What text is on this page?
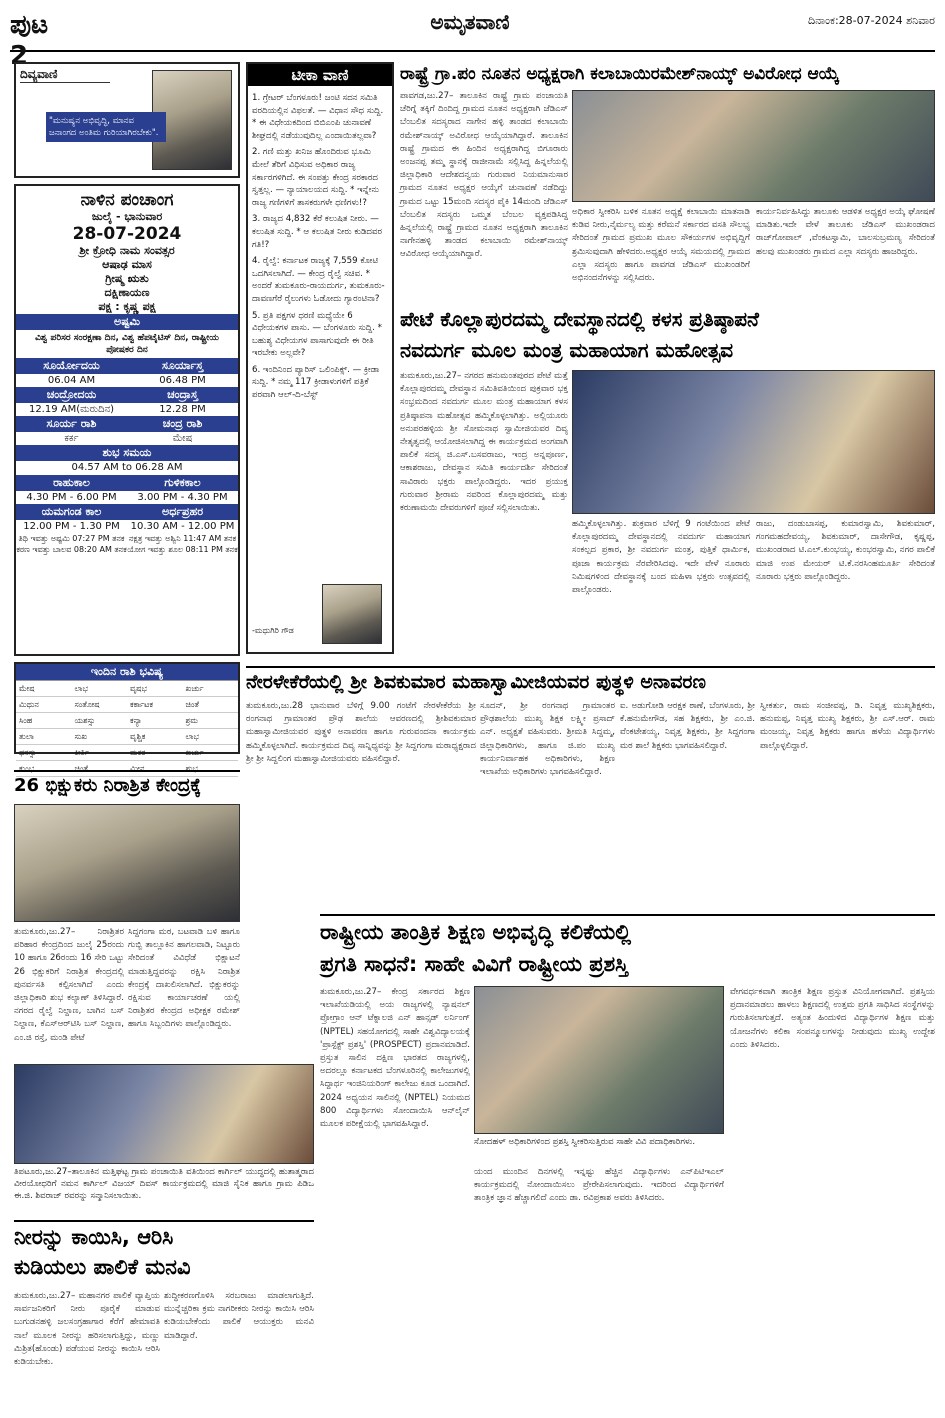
ಪುಟ 2
ಅಮೃತವಾಣಿ	ದಿನಾಂಕ:28-07-2024 ಶನಿವಾರ
ದಿವ್ಯವಾಣಿ
"ಮನುಷ್ಯನ ಅಭಿವೃದ್ಧಿ, ಮಾನವ ಜನಾಂಗದ ಅಂತಿಮ ಗುರಿಯಾಗಿರಬೇಕು".
ನಾಳಿನ ಪಂಚಾಂಗ
ಜುಲೈ - ಭಾನುವಾರ
28-07-2024
ಶ್ರೀ ಕ್ರೋಧಿ ನಾಮ ಸಂವತ್ಸರ
ಆಷಾಢ ಮಾಸ
ಗ್ರೀಷ್ಮ ಋತು
ದಕ್ಷಿಣಾಯಣ
ಪಕ್ಷ : ಕೃಷ್ಣ ಪಕ್ಷ
ಅಷ್ಟಮಿ
ವಿಶ್ವ ಪರಿಸರ ಸಂರಕ್ಷಣಾ ದಿನ, ವಿಶ್ವ ಹೆಪಟೈಟಿಸ್ ದಿನ, ರಾಷ್ಟ್ರೀಯ ಪೋಷಕರ ದಿನ
ಸೂರ್ಯೋದಯ	ಸೂರ್ಯಾಸ್ತ
06.04 AM	06.48 PM
ಚಂದ್ರೋದಯ	ಚಂದ್ರಾಸ್ತ
12.19 AM(ಮರುದಿನ)	12.28 PM
ಸೂರ್ಯ ರಾಶಿ	ಚಂದ್ರ ರಾಶಿ
ಕರ್ಕ	ಮೇಷ
ಶುಭ ಸಮಯ
04.57 AM to 06.28 AM
ರಾಹುಕಾಲ	ಗುಳಿಕಕಾಲ
4.30 PM - 6.00 PM	3.00 PM - 4.30 PM
ಯಮಗಂಡ ಕಾಲ	ಅರ್ಧಪ್ರಹರ
12.00 PM - 1.30 PM	10.30 AM - 12.00 PM
ತಿಥಿ ಇವತ್ತು ಅಷ್ಟಮಿ 07:27 PM ತನಕ ನಕ್ಷತ್ರ ಇವತ್ತು ಅಶ್ವಿನಿ 11:47 AM ತನಕ
ಕರಣ ಇವತ್ತು ಬಾಲವ 08:20 AM ತನಕ ಯೋಗ ಇವತ್ತು ಶೂಲ 08:11 PM ತನಕ
ಇಂದಿನ ರಾಶಿ ಭವಿಷ್ಯ
ಮೇಷ	ಲಾಭ	ವೃಷಭ	ಖರ್ಚು
ಮಿಥುನ	ಸಂತೋಷ	ಕರ್ಕಾಟಕ	ಚಿಂತೆ
ಸಿಂಹ	ಯಶಸ್ಸು	ಕನ್ಯಾ	ಶ್ರಮ
ತುಲಾ	ಸುಖ	ವೃಶ್ಚಿಕ	ಲಾಭ
ಧನಸ್ಸು	ಕೀರ್ತಿ	ಮಕರ	ಖರ್ಚು
ಕುಂಭ	ಚಿಂತೆ	ಮೀನ	ಶುಭ
ಟೀಕಾ ವಾಣಿ
1. ಗ್ರೇಟರ್ ಬೆಂಗಳೂರು! ಜಂಟಿ ಸದನ ಸಮಿತಿ ವರದಿಯಲ್ಲಿನ ವಿಫಲತೆ. — ವಿಧಾನ ಸೌಧ ಸುದ್ದಿ. * ಈ ವಿಧೇಯಕದಿಂದ ಬಿಬಿಎಂಪಿ ಚುನಾವಣೆ ಶೀಘ್ರದಲ್ಲಿ ನಡೆಯುವುದಿಲ್ಲ ಎಂದಾಯಿತಲ್ಲವಾ?
2. ಗಣಿ ಮತ್ತು ಖನಿಜ ಹೊಂದಿರುವ ಭೂಮಿ ಮೇಲೆ ತೆರಿಗೆ ವಿಧಿಸುವ ಅಧಿಕಾರ ರಾಜ್ಯ ಸರ್ಕಾರಗಳಿಗಿದೆ. ಈ ಸಂಪತ್ತು ಕೇಂದ್ರ ಸರಕಾರದ ಸ್ವತ್ತಲ್ಲ. — ನ್ಯಾಯಾಲಯದ ಸುದ್ದಿ. * ಇನ್ನೇನು ರಾಜ್ಯ ಗಣಿಗಳಿಗೆ ತಾಸಕರುಗಳೇ ಧಣಿಗಳು!?
3. ರಾಜ್ಯದ 4,832 ಕೆರೆ ಕಲುಷಿತ ನೀರು. — ಕಲುಷಿತ ಸುದ್ದಿ. * ಆ ಕಲುಷಿತ ನೀರು ಕುಡಿದವರ ಗತಿ!?
4. ರೈಲ್ವೆ: ಕರ್ನಾಟಕ ರಾಜ್ಯಕ್ಕೆ 7,559 ಕೋಟಿ ಒದಗಿಸಲಾಗಿದೆ. — ಕೇಂದ್ರ ರೈಲ್ವೆ ಸಚಿವ. * ಅಂದರೆ ತುಮಕೂರು-ರಾಯದುರ್ಗ, ತುಮಕೂರು-ದಾವಣಗೆರೆ ರೈಲುಗಳು ಓಡೋದು ಗ್ಯಾರಂಟಿನಾ?
5. ಪ್ರತಿ ಪಕ್ಷಗಳ ಧರಣಿ ಮಧ್ಯೆಯೇ 6 ವಿಧೇಯಕಗಳ ಪಾಸು. — ಬೆಂಗಳೂರು ಸುದ್ದಿ. * ಬಹುಶ್ಯ ವಿಧೇಯಗಳ ಪಾಸಾಗುವುದೇ ಈ ರೀತಿ ಇರಬೇಕು ಅಲ್ಲವೇ?
6. ಇಂದಿನಿಂದ ಪ್ಯಾರಿಸ್ ಒಲಿಂಪಿಕ್ಸ್. — ಕ್ರೀಡಾ ಸುದ್ದಿ. * ನಮ್ಮ 117 ಕ್ರೀಡಾಳುಗಳಿಗೆ ಪತ್ರಿಕೆ ಪರವಾಗಿ ಆಲ್-ದಿ-ಬೆಸ್ಟ್
-ಮಧುಗಿರಿ ಗೌಡ
ರಾಷ್ಟ್ರೆ ಗ್ರಾ.ಪಂ ನೂತನ ಅಧ್ಯಕ್ಷರಾಗಿ ಕಲಾಬಾಯಿರಮೇಶ್‌ನಾಯ್ಕ್ ಅವಿರೋಧ ಆಯ್ಕೆ
ಪಾವಗಡ,ಜು.27– ತಾಲೂಕಿನ ರಾಷ್ಟ್ರೆ ಗ್ರಾಮ ಪಂಚಾಯತಿ ಚೆರಿಗ್ನೆ ತಕ್ಕಿಗೆ ದಿಂದಿದ್ದ ಗ್ರಾಮದ ನೂತನ ಅಧ್ಯಕ್ಷರಾಗಿ ಜೆಡಿಎಸ್ ಬೆಂಬಲಿತ ಸದಸ್ಯರಾದ ನಾಗೇನ ಹಳ್ಳಿ ತಾಂಡದ ಕಲಾಬಾಯಿ ರಮೇಶ್‌ನಾಯ್ಕ್ ಅವಿರೋಧ ಆಯ್ಕೆಯಾಗಿದ್ದಾರೆ. ತಾಲೂಕಿನ ರಾಷ್ಟ್ರೆ ಗ್ರಾಮದ ಈ ಹಿಂದಿನ ಅಧ್ಯಕ್ಷರಾಗಿದ್ದ ಬಿಗೂರಾರು ಅಂಜನಪ್ಪ ತಮ್ಮ ಸ್ಥಾನಕ್ಕೆ ರಾಜೀನಾಮೆ ಸಲ್ಲಿಸಿದ್ದ ಹಿನ್ನಲೆಯಲ್ಲಿ ಜಿಲ್ಲಾಧಿಕಾರಿ ಆದೇಶದನ್ವಯ ಗುರುವಾರ ನಿಯಮಾನುಸಾರ ಗ್ರಾಮದ ನೂತನ ಅಧ್ಯಕ್ಷರ ಆಯ್ಕೆಗೆ ಚುನಾವಣೆ ನಡೆದಿದ್ದು ಗ್ರಾಮದ ಒಟ್ಟು 15ಮಂದಿ ಸದಸ್ಯರ ಪೈಕಿ 14ಮಂದಿ ಜೆಡಿಎಸ್ ಬೆಂಬಲಿತ ಸದಸ್ಯರು ಒಮ್ಮತ ಬೆಂಬಲ ವ್ಯಕ್ತಪಡಿಸಿದ್ದ ಹಿನ್ನಲೆಯಲ್ಲಿ ರಾಷ್ಟ್ರೆ ಗ್ರಾಮದ ನೂತನ ಅಧ್ಯಕ್ಷರಾಗಿ ತಾಲೂಕಿನ ನಾಗೇನಹಳ್ಳಿ ತಾಂಡದ ಕಲಾಬಾಯಿ ರಮೇಶ್‌ನಾಯ್ಕ್ ಆವಿರೋಧ ಆಯ್ಕೆಯಾಗಿದ್ದಾರೆ.
ಅಧಿಕಾರ ಸ್ವೀಕರಿಸಿ ಬಳಿಕ ನೂತನ ಅಧ್ಯಕ್ಷೆ ಕಲಾಬಾಯಿ ಮಾತನಾಡಿ ಕುಡಿವ ನೀರು,ನೈರ್ಮಲ್ಯ ಮತ್ತು ಕರೆಮನೆ ಸರ್ಕಾರದ ವಸತಿ ಸೌಲಭ್ಯ ಸೇರಿದಂತೆ ಗ್ರಾಮದ ಪ್ರಮುಖ ಮೂಲ ಸೌಕರ್ಯಗಳ ಅಭಿವೃದ್ದಿಗೆ ಶ್ರಮಿಸುವುದಾಗಿ ಹೇಳಿದರು.ಅಧ್ಯಕ್ಷರ ಆಯ್ಕೆ ಸಮಯದಲ್ಲಿ ಗ್ರಾಮದ ಎಲ್ಲಾ ಸದಸ್ಯರು ಹಾಗೂ ಪಾವಗಡ ಜೆಡಿಎಸ್ ಮುಖಂಡರಿಗೆ ಅಭಿನಂದನೆಗಳನ್ನು ಸಲ್ಲಿಸಿದರು.
ಕಾರ್ಯನಿರ್ವಹಿಸಿದ್ದು ತಾಲೂಕು ಆಡಳಿತ ಅಧ್ಯಕ್ಷರ ಅಯ್ಕೆ ಘೋಷಣೆ ಮಾಡಿತು.ಇದೇ ವೇಳೆ ತಾಲೂಕು ಜೆಡಿಎಸ್ ಮುಖಂಡರಾದ ರಾಜ್‌ಗೋಪಾಲ್ ,ವೆಂಕಟಸ್ವಾಮಿ, ಬಾಲಸುಬ್ರಮಣ್ಯ ಸೇರಿದಂತೆ ಹಲವು ಮುಖಂಡರು ಗ್ರಾಮದ ಎಲ್ಲಾ ಸದಸ್ಯರು ಹಾಜರಿದ್ದರು.
ಪೇಟೆ ಕೊಲ್ಲಾಪುರದಮ್ಮ ದೇವಸ್ಥಾನದಲ್ಲಿ ಕಳಸ ಪ್ರತಿಷ್ಠಾಪನೆ
ನವದುರ್ಗ ಮೂಲ ಮಂತ್ರ ಮಹಾಯಾಗ ಮಹೋತ್ಸವ
ತುಮಕೂರು,ಜು.27– ನಗರದ ಹನುಮಂತಪುರದ ಪೇಟೆ ಮತ್ತೆ ಕೊಲ್ಲಾಪುರದಮ್ಮ ದೇವಸ್ಥಾನ ಸಮಿತಿವತಿಯಿಂದ ಪುಕ್ರವಾರ ಭಕ್ತ ಸಂಭ್ರಮದಿಂದ ನವದುರ್ಗ ಮೂಲ ಮಂತ್ರ ಮಹಾಯಾಗ ಕಳಸ ಪ್ರತಿಷ್ಠಾಪನಾ ಮಹೋತ್ಸವ ಹಮ್ಮಿಕೊಳ್ಳಲಾಗಿತ್ತು. ಅಲ್ಲಿಯೂರು ಅನುಪರಹಳ್ಳಿಯ ಶ್ರೀ ಸೋಮನಾಥ ಸ್ವಾಮೀಜಿಯವರ ದಿವ್ಯ ನೇತೃತ್ವದಲ್ಲಿ ಆಯೋಜಿಸಲಾಗಿದ್ದ ಈ ಕಾರ್ಯಕ್ರಮದ ಅಂಗವಾಗಿ ಪಾಲಿಕೆ ಸದಸ್ಯ ಜಿ.ಎಸ್.ಬಸವರಾಜು, ಇಂದ್ರ ಅನ್ನಪೂರ್ಣ, ಆಕಾಶರಾಜು, ದೇವಸ್ಥಾನ ಸಮಿತಿ ಕಾರ್ಯದರ್ಶಿ ಸೇರಿದಂತೆ ಸಾವಿರಾರು ಭಕ್ತರು ಪಾಲ್ಗೊಂಡಿದ್ದರು. ಇದರ ಪ್ರಯುಕ್ತ ಗುರುವಾರ ಶ್ರೀರಾಮ ನವರಿಂದ ಕೊಲ್ಲಾಪುರದಮ್ಮ ಮತ್ತು ಕರುಣಾಮಯಿ ದೇವರುಗಳಿಗೆ ಪೂಜೆ ಸಲ್ಲಿಸಲಾಯಿತು.
ಹಮ್ಮಿಕೊಳ್ಳಲಾಗಿತ್ತು. ಶುಕ್ರವಾರ ಬೆಳಿಗ್ಗೆ 9 ಗಂಟೆಯಿಂದ ಪೇಟೆ ಕೊಲ್ಲಾಪುರದಮ್ಮ ದೇವಸ್ಥಾನದಲ್ಲಿ ನವದುರ್ಗ ಮಹಾಯಾಗ ಸಂಕಲ್ಪದ ಪ್ರಕಾರ, ಶ್ರೀ ನವದುರ್ಗ ಮಂತ್ರ, ಪುತ್ತಿಕೆ ಧಾರ್ಮಿಕ, ಪೂಜಾ ಕಾರ್ಯಕ್ರಮ ನೆರವೇರಿಸಿದವು. ಇದೇ ವೇಳೆ ನೂರಾರು ನಿಮಿಷಗಳಿಂದ ದೇವಸ್ಥಾನಕ್ಕೆ ಬಂದ ಮಹಿಳಾ ಭಕ್ತರು ಉತ್ಸವದಲ್ಲಿ ಪಾಲ್ಗೊಂಡರು.
ರಾಜು, ದಂಡುಬಾಸಪ್ಪ, ಕುಮಾರಸ್ವಾಮಿ, ಶಿವಕುಮಾರ್, ಗಂಗಮಹದೇವಯ್ಯ, ಶಿವಕುಮಾರ್, ದಾಸೇಗೌಡ, ಕೃಷ್ಣಪ್ಪ, ಮುಖಂಡರಾದ ಟಿ.ಎಲ್.ಕುಂಭಯ್ಯ, ಕುಂಭರಸ್ವಾಮಿ, ನಗರ ಪಾಲಿಕೆ ಮಾಜಿ ಉಪ ಮೇಯರ್ ಟಿ.ಕೆ.ನರಸಿಂಹಮೂರ್ತಿ ಸೇರಿದಂತೆ ನೂರಾರು ಭಕ್ತರು ಪಾಲ್ಗೊಂಡಿದ್ದರು.
ನೇರಳೇಕೆರೆಯಲ್ಲಿ ಶ್ರೀ ಶಿವಕುಮಾರ ಮಹಾಸ್ವಾಮೀಜಿಯವರ ಪುತ್ಥಳಿ ಅನಾವರಣ
ತುಮಕೂರು,ಜು.28 ಭಾನುವಾರ ಬೆಳಿಗ್ಗೆ 9.00 ಗಂಟೆಗೆ ನೇರಳೇಕೆರೆಯ ಶ್ರೀ ರಂಗನಾಥ ಗ್ರಾಮಾಂತರ ಪ್ರೌಢ ಶಾಲೆಯ ಆವರಣದಲ್ಲಿ ಶ್ರೀಶಿವಕುಮಾರ ಮಹಾಸ್ವಾಮೀಜಿಯವರ ಪುತ್ಥಳಿ ಅನಾವರಣ ಹಾಗೂ ಗುರುವಂದನಾ ಕಾರ್ಯಕ್ರಮ ಹಮ್ಮಿಕೊಳ್ಳಲಾಗಿದೆ. ಕಾರ್ಯಕ್ರಮದ ದಿವ್ಯ ಸಾನ್ನಿಧ್ಯವನ್ನು ಶ್ರೀ ಸಿದ್ದಗಂಗಾ ಮಠಾಧ್ಯಕ್ಷರಾದ ಶ್ರೀ ಶ್ರೀ ಸಿದ್ದಲಿಂಗ ಮಹಾಸ್ವಾಮೀಜಿಯವರು ವಹಿಸಲಿದ್ದಾರೆ.
ಸೂದನ್, ಶ್ರೀ ರಂಗನಾಥ ಗ್ರಾಮಾಂತರ ಪ್ರೌಢಶಾಲೆಯ ಮುಖ್ಯ ಶಿಕ್ಷಕ ಲಕ್ಷ್ಮೀ ಪ್ರಸಾದ್ ಎನ್. ಅಧ್ಯಕ್ಷತೆ ವಹಿಸುವರು. ಶ್ರೀಮತಿ ಸಿದ್ದಮ್ಮ, ಜಿಲ್ಲಾಧಿಕಾರಿಗಳು, ಹಾಗೂ ಜಿ.ಪಂ ಮುಖ್ಯ ಕಾರ್ಯನಿರ್ವಾಹಕ ಅಧಿಕಾರಿಗಳು, ಶಿಕ್ಷಣ ಇಲಾಖೆಯ ಅಧಿಕಾರಿಗಳು ಭಾಗವಹಿಸಲಿದ್ದಾರೆ.
ಐ. ಅಡುಗೋಡಿ ಆರಕ್ಷಕ ಠಾಣೆ, ಬೆಂಗಳೂರು, ಶ್ರೀ ಕೆ.ಹನುಮೇಗೌಡ, ಸಹ ಶಿಕ್ಷಕರು, ಶ್ರೀ ಎಂ.ಜಿ. ವೆಂಕಟೇಶಯ್ಯ, ನಿವೃತ್ತ ಶಿಕ್ಷಕರು, ಶ್ರೀ ಸಿದ್ದಗಂಗಾ ಮಠ ಶಾಲೆ ಶಿಕ್ಷಕರು ಭಾಗವಹಿಸಲಿದ್ದಾರೆ.
ಸ್ವೀಕರ್ತು, ರಾಮ ಸಂಜೀವಪ್ಪ, ಡಿ. ನಿವೃತ್ತ ಮುಖ್ಯಶಿಕ್ಷಕರು, ಹನುಮಪ್ಪ, ನಿವೃತ್ತ ಮುಖ್ಯ ಶಿಕ್ಷಕರು, ಶ್ರೀ ಎಸ್.ಆರ್. ರಾಮ ಮಂಜಯ್ಯ, ನಿವೃತ್ತ ಶಿಕ್ಷಕರು ಹಾಗೂ ಹಳೆಯ ವಿದ್ಯಾರ್ಥಿಗಳು ಪಾಲ್ಗೊಳ್ಳಲಿದ್ದಾರೆ.
26 ಭಿಕ್ಷುಕರು ನಿರಾಶ್ರಿತ ಕೇಂದ್ರಕ್ಕೆ
ತುಮಕೂರು,ಜು.27– ನಿರಾಶ್ರಿತರ ಪರಿಹಾರ ಕೇಂದ್ರದಿಂದ ಜುಲೈ 25ರಂದು 10 ಹಾಗೂ 26ರಂದು 16 ಸೇರಿ ಒಟ್ಟು 26 ಭಿಕ್ಷುಕರಿಗೆ ನಿರಾಶ್ರಿತ ಕೇಂದ್ರದಲ್ಲಿ ಪುನರ್ವಸತಿ ಕಲ್ಪಿಸಲಾಗಿದೆ ಎಂದು ಜಿಲ್ಲಾಧಿಕಾರಿ ಶುಭ ಕಲ್ಯಾಣ್ ತಿಳಿಸಿದ್ದಾರೆ. ನಗರದ ರೈಲ್ವೆ ನಿಲ್ದಾಣ, ಬಾಗಿನ ಬಸ್ ನಿಲ್ದಾಣ, ಕೆಎಸ್‌ಆರ್‌ಟಿಸಿ ಬಸ್ ನಿಲ್ದಾಣ, ಎಂ.ಜಿ ರಸ್ತೆ, ಮಂಡಿ ಪೇಟೆ
ಸಿದ್ದಗಂಗಾ ಮಠ, ಬಟವಾಡಿ ಬಳಿ ಹಾಗೂ ಗುಬ್ಬಿ ತಾಲ್ಲೂಕಿನ ಹಾಗಲವಾಡಿ, ನಿಟ್ಟೂರು ಸೇರಿದಂತೆ ವಿವಿಧೆಡೆ ಭಿಕ್ಷಾಟನೆ ಮಾಡುತ್ತಿದ್ದವರನ್ನು ರಕ್ಷಿಸಿ ನಿರಾಶ್ರಿತ ಕೇಂದ್ರಕ್ಕೆ ದಾಖಲಿಸಲಾಗಿದೆ. ಭಿಕ್ಷುಕರನ್ನು ರಕ್ಷಿಸುವ ಕಾರ್ಯಾಚರಣೆ ಯಲ್ಲಿ ನಿರಾಶ್ರಿತರ ಕೇಂದ್ರದ ಅಧೀಕ್ಷಕ ರಮೇಶ್ ಹಾಗೂ ಸಿಬ್ಬಂದಿಗಳು ಪಾಲ್ಗೊಂಡಿದ್ದರು.
ತಿಪಟೂರು,ಜು.27–ತಾಲೂಕಿನ ಮತ್ತಿಘಟ್ಟ ಗ್ರಾಮ ಪಂಚಾಯಿತಿ ವತಿಯಿಂದ ಕಾರ್ಗಿಲ್ ಯುದ್ಧದಲ್ಲಿ ಹುತಾತ್ಮರಾದ ವೀರಯೋಧರಿಗೆ ನಮನ ಕಾರ್ಗಿಲ್ ವಿಜಯ್ ದಿವಸ್ ಕಾರ್ಯಕ್ರಮದಲ್ಲಿ ಮಾಜಿ ಸೈನಿಕ ಹಾಗೂ ಗ್ರಾಮ ಪಿಡಿಒ ಈ.ಜಿ. ಶಿವರಾಜ್ ರವರನ್ನು ಸನ್ಮಾನಿಸಲಾಯಿತು.
ನೀರನ್ನು ಕಾಯಿಸಿ, ಆರಿಸಿ
ಕುಡಿಯಲು ಪಾಲಿಕೆ ಮನವಿ
ತುಮಕೂರು,ಜು.27– ಮಹಾನಗರ ಪಾಲಿಕೆ ವ್ಯಾಪ್ತಿಯ ಸಾರ್ವಜನಿಕರಿಗೆ ನೀರು ಪೂರೈಕೆ ಮಾಡುವ ಬುಗುಡನಹಳ್ಳಿ ಜಲಸಂಗ್ರಹಾಗಾರ ಕೆರೆಗೆ ಹೇಮಾವತಿ ನಾಲೆ ಮೂಲಕ ನೀರನ್ನು ಹರಿಸಲಾಗುತ್ತಿದ್ದು, ಮಣ್ಣು ಮಿಶ್ರಿತ(ಹೊಂಡು) ಪಡೆಯುವ ನೀರನ್ನು ಕಾಯಿಸಿ ಆರಿಸಿ ಕುಡಿಯಬೇಕು.
ಶುದ್ಧೀಕರಣಗೊಳಿಸಿ ಸರಬರಾಜು ಮಾಡಲಾಗುತ್ತಿದೆ. ಮುನ್ನೆಚ್ಚರಿಕಾ ಕ್ರಮ ನಾಗರೀಕರು ನೀರನ್ನು ಕಾಯಿಸಿ ಆರಿಸಿ ಕುಡಿಯಬೇಕೆಂದು ಪಾಲಿಕೆ ಆಯುಕ್ತರು ಮನವಿ ಮಾಡಿದ್ದಾರೆ.
ರಾಷ್ಟ್ರೀಯ ತಾಂತ್ರಿಕ ಶಿಕ್ಷಣ ಅಭಿವೃದ್ಧಿ ಕಲಿಕೆಯಲ್ಲಿ
ಪ್ರಗತಿ ಸಾಧನೆ: ಸಾಹೇ ವಿವಿಗೆ ರಾಷ್ಟ್ರೀಯ ಪ್ರಶಸ್ತಿ
ತುಮಕೂರು,ಜು.27– ಕೇಂದ್ರ ಸರ್ಕಾರದ ಶಿಕ್ಷಣ ಇಲಾಖೆಯಡಿಯಲ್ಲಿ ಅಯ ರಾಜ್ಯಗಳಲ್ಲಿ ನ್ಯಾಷನಲ್ ಪ್ರೋಗ್ರಾಂ ಆನ್ ಟೆಕ್ನಾಲಜಿ ಎನ್ ಹಾನ್ಸಡ್ ಲರ್ನಿಂಗ್ (NPTEL) ಸಹಯೋಗದಲ್ಲಿ ಸಾಹೇ ವಿಶ್ವವಿದ್ಯಾಲಯಕ್ಕೆ 'ಪ್ರಾಸ್ಪೆಕ್ಟ್ ಪ್ರಶಸ್ತಿ' (PROSPECT) ಪ್ರದಾನಮಾಡಿದೆ. ಪ್ರಸ್ತುತ ಸಾಲಿನ ದಕ್ಷಿಣ ಭಾರತದ ರಾಜ್ಯಗಳಲ್ಲಿ, ಅದರಲ್ಲೂ ಕರ್ನಾಟಕದ ಬೆಂಗಳೂರಿನಲ್ಲಿ ಕಾಲೇಜುಗಳಲ್ಲಿ ಸಿದ್ದಾರ್ಥ ಇಂಜಿನಿಯರಿಂಗ್ ಕಾಲೇಜು ಕೂಡ ಒಂದಾಗಿದೆ. 2024 ಅಧ್ಯಯನ ಸಾಲಿನಲ್ಲಿ (NPTEL) ನಿಯಮದ 800 ವಿದ್ಯಾರ್ಥಿಗಳು ಸೋಂದಾಯಿಸಿ ಆನ್‌ಲೈನ್ ಮೂಲಕ ಪರೀಕ್ಷೆಯಲ್ಲಿ ಭಾಗವಹಿಸಿದ್ದಾರೆ.
ಸೋದಹಳ್ ಅಧಿಕಾರಿಗಳಿಂದ ಪ್ರಶಸ್ತಿ ಸ್ವೀಕರಿಸುತ್ತಿರುವ ಸಾಹೇ ವಿವಿ ಪದಾಧಿಕಾರಿಗಳು.
ಯಂದ ಮುಂದಿನ ದಿನಗಳಲ್ಲಿ ಇನ್ನಷ್ಟು ಹೆಚ್ಚಿನ ವಿದ್ಯಾರ್ಥಿಗಳು ಎನ್‌ಪಿಟಿಇಎಲ್ ಕಾರ್ಯಕ್ರಮದಲ್ಲಿ ನೋಂದಾಯಿಸಲು ಪ್ರೇರೇಪಿಸಲಾಗುವುದು. ಇದರಿಂದ ವಿದ್ಯಾರ್ಥಿಗಳಿಗೆ ತಾಂತ್ರಿಕ ಜ್ಞಾನ ಹೆಚ್ಚಾಗಲಿದೆ ಎಂದು ಡಾ. ರವಿಪ್ರಕಾಶ ಅವರು ತಿಳಿಸಿದರು.
ವೇಗವರ್ಧಕವಾಗಿ ತಾಂತ್ರಿಕ ಶಿಕ್ಷಣ ಪ್ರಸ್ತುತ ವಿನಿಯೋಗವಾಗಿದೆ. ಪ್ರಶಸ್ತಿಯ ಪ್ರದಾನಮಾಡಲು ಹಾಳಲು ಶಿಕ್ಷಣದಲ್ಲಿ ಉತ್ತಮ ಪ್ರಗತಿ ಸಾಧಿಸಿದ ಸಂಸ್ಥೆಗಳನ್ನು ಗುರುತಿಸಲಾಗುತ್ತದೆ. ಅತ್ಯಂತ ಹಿಂದುಳಿದ ವಿದ್ಯಾರ್ಥಿಗಳ ಶಿಕ್ಷಣ ಮತ್ತು ಯೋಜನೆಗಳು ಕಲಿಕಾ ಸಂಪನ್ಮೂಲಗಳನ್ನು ನೀಡುವುದು ಮುಖ್ಯ ಉದ್ದೇಶ ಎಂದು ತಿಳಿಸಿದರು.
